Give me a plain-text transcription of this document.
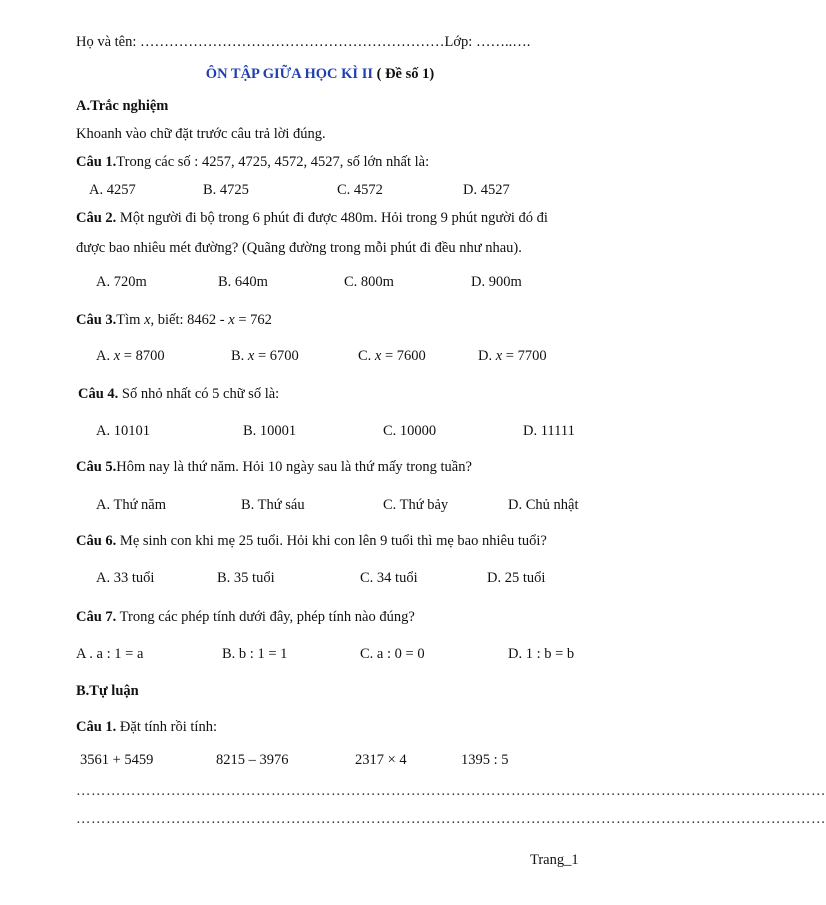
Họ và tên: ………………………………………………………Lớp: ……..….
ÔN TẬP GIỮA HỌC KÌ II ( Đề số 1)
A.Trắc nghiệm
Khoanh vào chữ đặt trước câu trả lời đúng.
Câu 1.Trong các số : 4257, 4725, 4572, 4527, số lớn nhất là:
A. 4257	B. 4725	C. 4572	D. 4527
Câu 2. Một người đi bộ trong 6 phút đi được 480m. Hỏi trong 9 phút người đó đi
được bao nhiêu mét đường? (Quãng đường trong mỗi phút đi đều như nhau).
A. 720m	B. 640m	C. 800m	D. 900m
Câu 3.Tìm x, biết: 8462 - x = 762
A. x = 8700	B. x = 6700	C. x = 7600	D. x = 7700
Câu 4. Số nhỏ nhất có 5 chữ số là:
A. 10101	B. 10001	C. 10000	D. 11111
Câu 5.Hôm nay là thứ năm. Hỏi 10 ngày sau là thứ mấy trong tuần?
A. Thứ năm	B. Thứ sáu	C. Thứ bảy	D. Chủ nhật
Câu 6. Mẹ sinh con khi mẹ 25 tuổi. Hỏi khi con lên 9 tuổi thì mẹ bao nhiêu tuổi?
A. 33 tuổi	B. 35 tuổi	C. 34 tuổi	D. 25 tuổi
Câu 7. Trong các phép tính dưới đây, phép tính nào đúng?
A . a : 1 = a	B. b : 1 = 1	C. a : 0 = 0	D. 1 : b = b
B.Tự luận
Câu 1. Đặt tính rồi tính:
3561 + 5459	8215 – 3976	2317 × 4	1395 : 5
……………………………………………………………………………………………………………………………………
……………………………………………………………………………………………………………………………………
Trang_1
